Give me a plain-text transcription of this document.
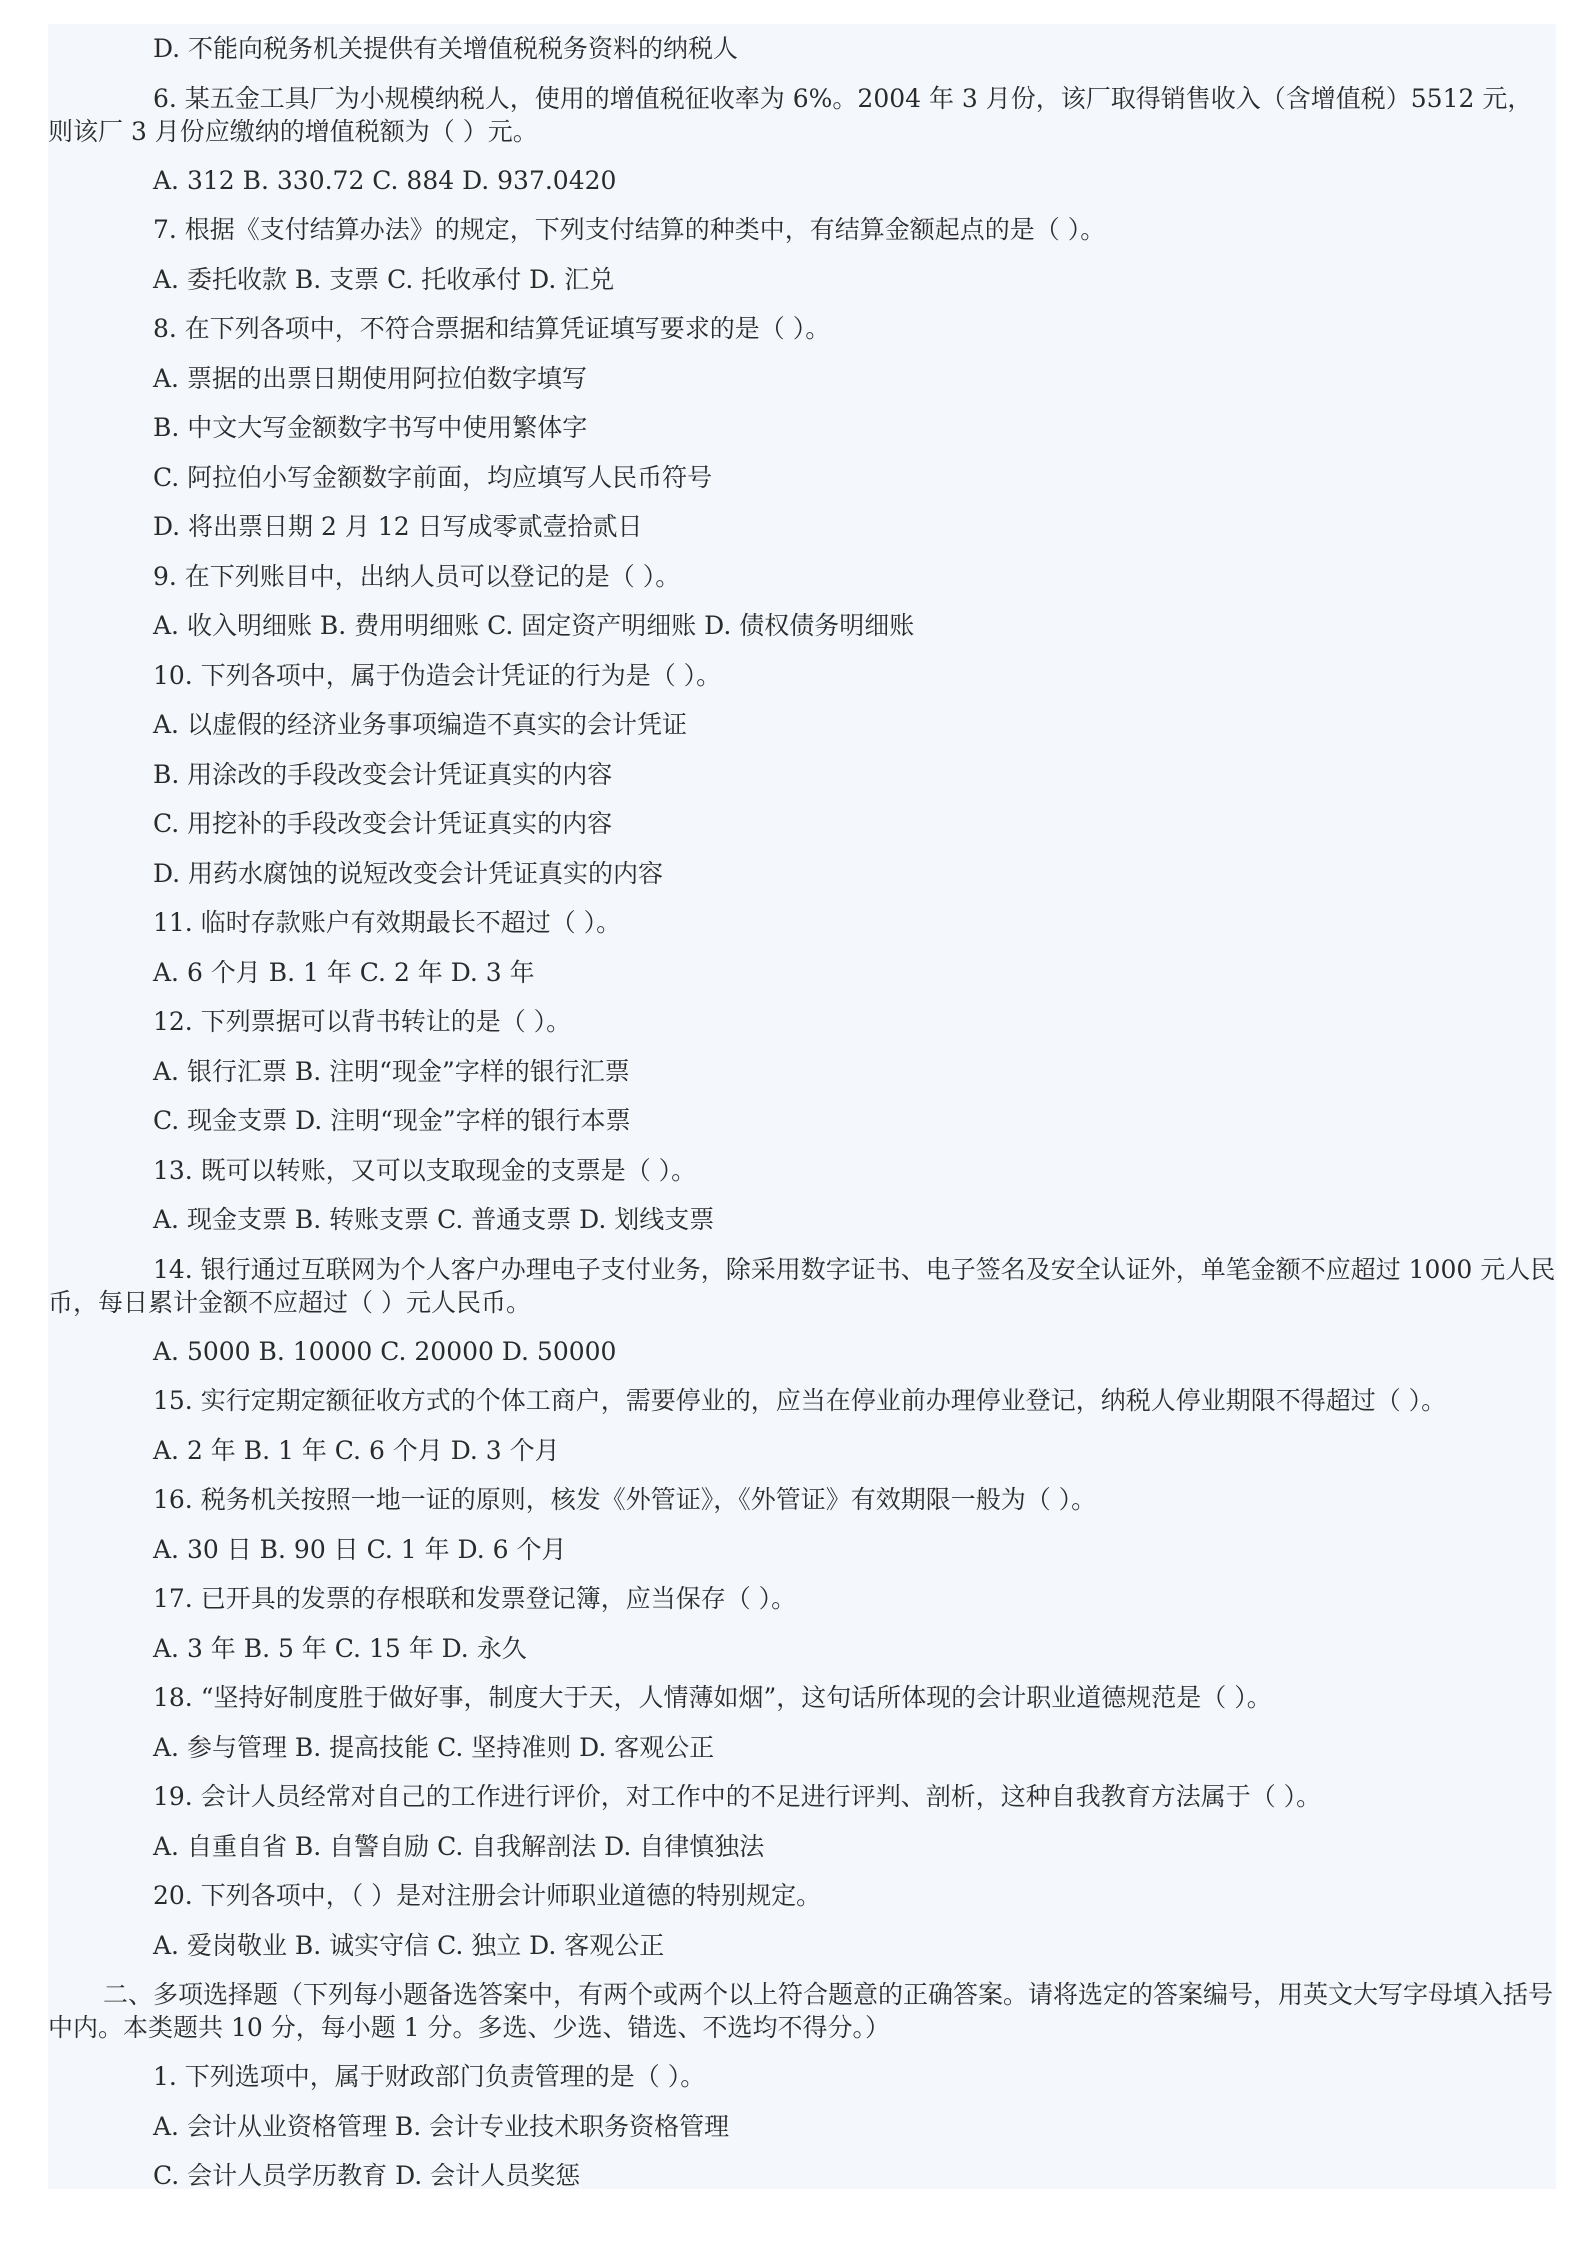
D. 不能向税务机关提供有关增值税税务资料的纳税人
6. 某五金工具厂为小规模纳税人，使用的增值税征收率为 6%。2004 年 3 月份，该厂取得销售收入（含增值税）5512 元，则该厂 3 月份应缴纳的增值税额为（ ）元。
A. 312 B. 330.72 C. 884 D. 937.0420
7. 根据《支付结算办法》的规定，下列支付结算的种类中，有结算金额起点的是（ ）。
A. 委托收款 B. 支票 C. 托收承付 D. 汇兑
8. 在下列各项中，不符合票据和结算凭证填写要求的是（ ）。
A. 票据的出票日期使用阿拉伯数字填写
B. 中文大写金额数字书写中使用繁体字
C. 阿拉伯小写金额数字前面，均应填写人民币符号
D. 将出票日期 2 月 12 日写成零贰壹拾贰日
9. 在下列账目中，出纳人员可以登记的是（ ）。
A. 收入明细账 B. 费用明细账 C. 固定资产明细账 D. 债权债务明细账
10. 下列各项中，属于伪造会计凭证的行为是（ ）。
A. 以虚假的经济业务事项编造不真实的会计凭证
B. 用涂改的手段改变会计凭证真实的内容
C. 用挖补的手段改变会计凭证真实的内容
D. 用药水腐蚀的说短改变会计凭证真实的内容
11. 临时存款账户有效期最长不超过（ ）。
A. 6 个月 B. 1 年 C. 2 年 D. 3 年
12. 下列票据可以背书转让的是（ ）。
A. 银行汇票 B. 注明“现金”字样的银行汇票
C. 现金支票 D. 注明“现金”字样的银行本票
13. 既可以转账，又可以支取现金的支票是（ ）。
A. 现金支票 B. 转账支票 C. 普通支票 D. 划线支票
14. 银行通过互联网为个人客户办理电子支付业务，除采用数字证书、电子签名及安全认证外，单笔金额不应超过 1000 元人民币，每日累计金额不应超过（ ）元人民币。
A. 5000 B. 10000 C. 20000 D. 50000
15. 实行定期定额征收方式的个体工商户，需要停业的，应当在停业前办理停业登记，纳税人停业期限不得超过（ ）。
A. 2 年 B. 1 年 C. 6 个月 D. 3 个月
16. 税务机关按照一地一证的原则，核发《外管证》，《外管证》有效期限一般为（ ）。
A. 30 日 B. 90 日 C. 1 年 D. 6 个月
17. 已开具的发票的存根联和发票登记簿，应当保存（ ）。
A. 3 年 B. 5 年 C. 15 年 D. 永久
18. “坚持好制度胜于做好事，制度大于天，人情薄如烟”，这句话所体现的会计职业道德规范是（ ）。
A. 参与管理 B. 提高技能 C. 坚持准则 D. 客观公正
19. 会计人员经常对自己的工作进行评价，对工作中的不足进行评判、剖析，这种自我教育方法属于（ ）。
A. 自重自省 B. 自警自励 C. 自我解剖法 D. 自律慎独法
20. 下列各项中，（ ）是对注册会计师职业道德的特别规定。
A. 爱岗敬业 B. 诚实守信 C. 独立 D. 客观公正
二、多项选择题（下列每小题备选答案中，有两个或两个以上符合题意的正确答案。请将选定的答案编号，用英文大写字母填入括号中内。本类题共 10 分，每小题 1 分。多选、少选、错选、不选均不得分。）
1. 下列选项中，属于财政部门负责管理的是（ ）。
A. 会计从业资格管理 B. 会计专业技术职务资格管理
C. 会计人员学历教育 D. 会计人员奖惩
